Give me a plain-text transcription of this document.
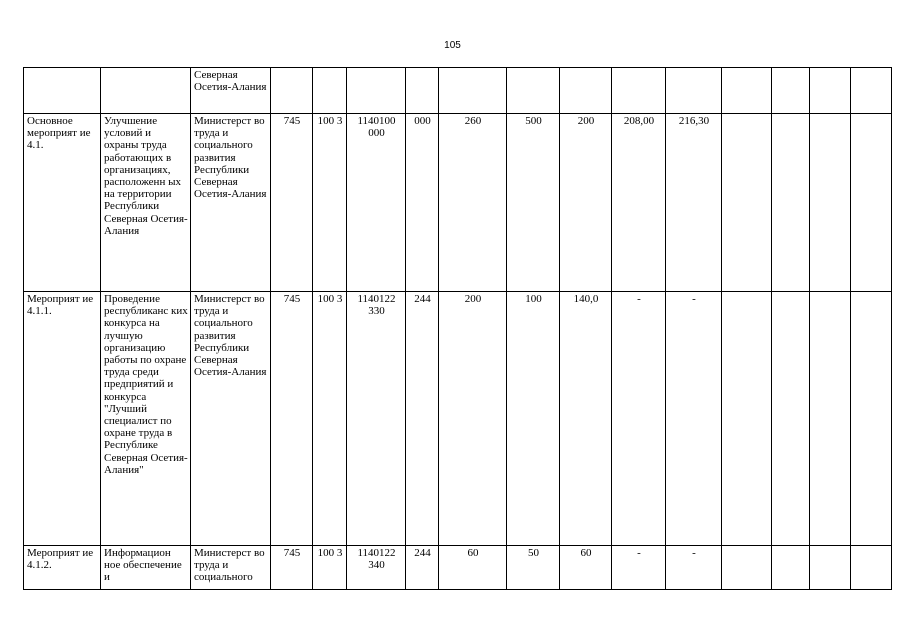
105
		Северная Осетия-Алания													
Основное мероприят ие 4.1.	Улучшение условий и охраны труда работающих в организациях, расположенн ых на территории Республики Северная Осетия-Алания	Министерст во труда и социального развития Республики Северная Осетия-Алания	745	100 3	1140100 000	000	260	500	200	208,00	216,30				
Мероприят ие 4.1.1.	Проведение республиканс ких конкурса на лучшую организацию работы по охране труда среди предприятий и конкурса "Лучший специалист по охране труда в Республике Северная Осетия-Алания"	Министерст во труда и социального развития Республики Северная Осетия-Алания	745	100 3	1140122 330	244	200	100	140,0	-	-				
Мероприят ие 4.1.2.	Информацион ное обеспечение и	Министерст во труда и социального	745	100 3	1140122 340	244	60	50	60	-	-				
